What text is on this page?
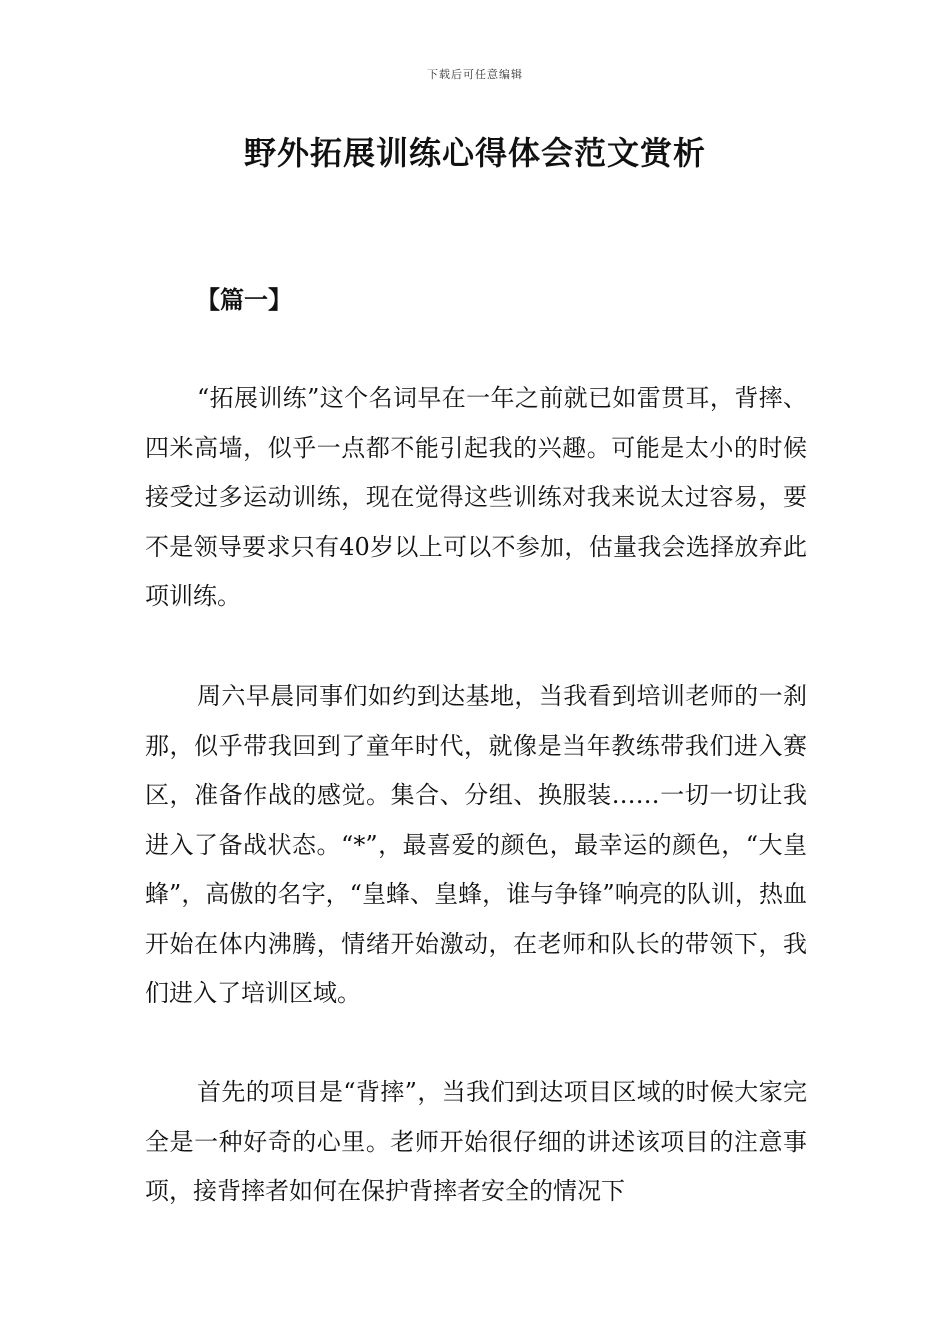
下载后可任意编辑
野外拓展训练心得体会范文赏析
【篇一】

“拓展训练”这个名词早在一年之前就已如雷贯耳，背摔、四米高墙，似乎一点都不能引起我的兴趣。可能是太小的时候接受过多运动训练，现在觉得这些训练对我来说太过容易，要不是领导要求只有40岁以上可以不参加，估量我会选择放弃此项训练。

周六早晨同事们如约到达基地，当我看到培训老师的一刹那，似乎带我回到了童年时代，就像是当年教练带我们进入赛区，准备作战的感觉。集合、分组、换服装……一切一切让我进入了备战状态。“*”，最喜爱的颜色，最幸运的颜色，“大皇蜂”，高傲的名字，“皇蜂、皇蜂，谁与争锋”响亮的队训，热血开始在体内沸腾，情绪开始激动，在老师和队长的带领下，我们进入了培训区域。

首先的项目是“背摔”，当我们到达项目区域的时候大家完全是一种好奇的心里。老师开始很仔细的讲述该项目的注意事项，接背摔者如何在保护背摔者安全的情况下
